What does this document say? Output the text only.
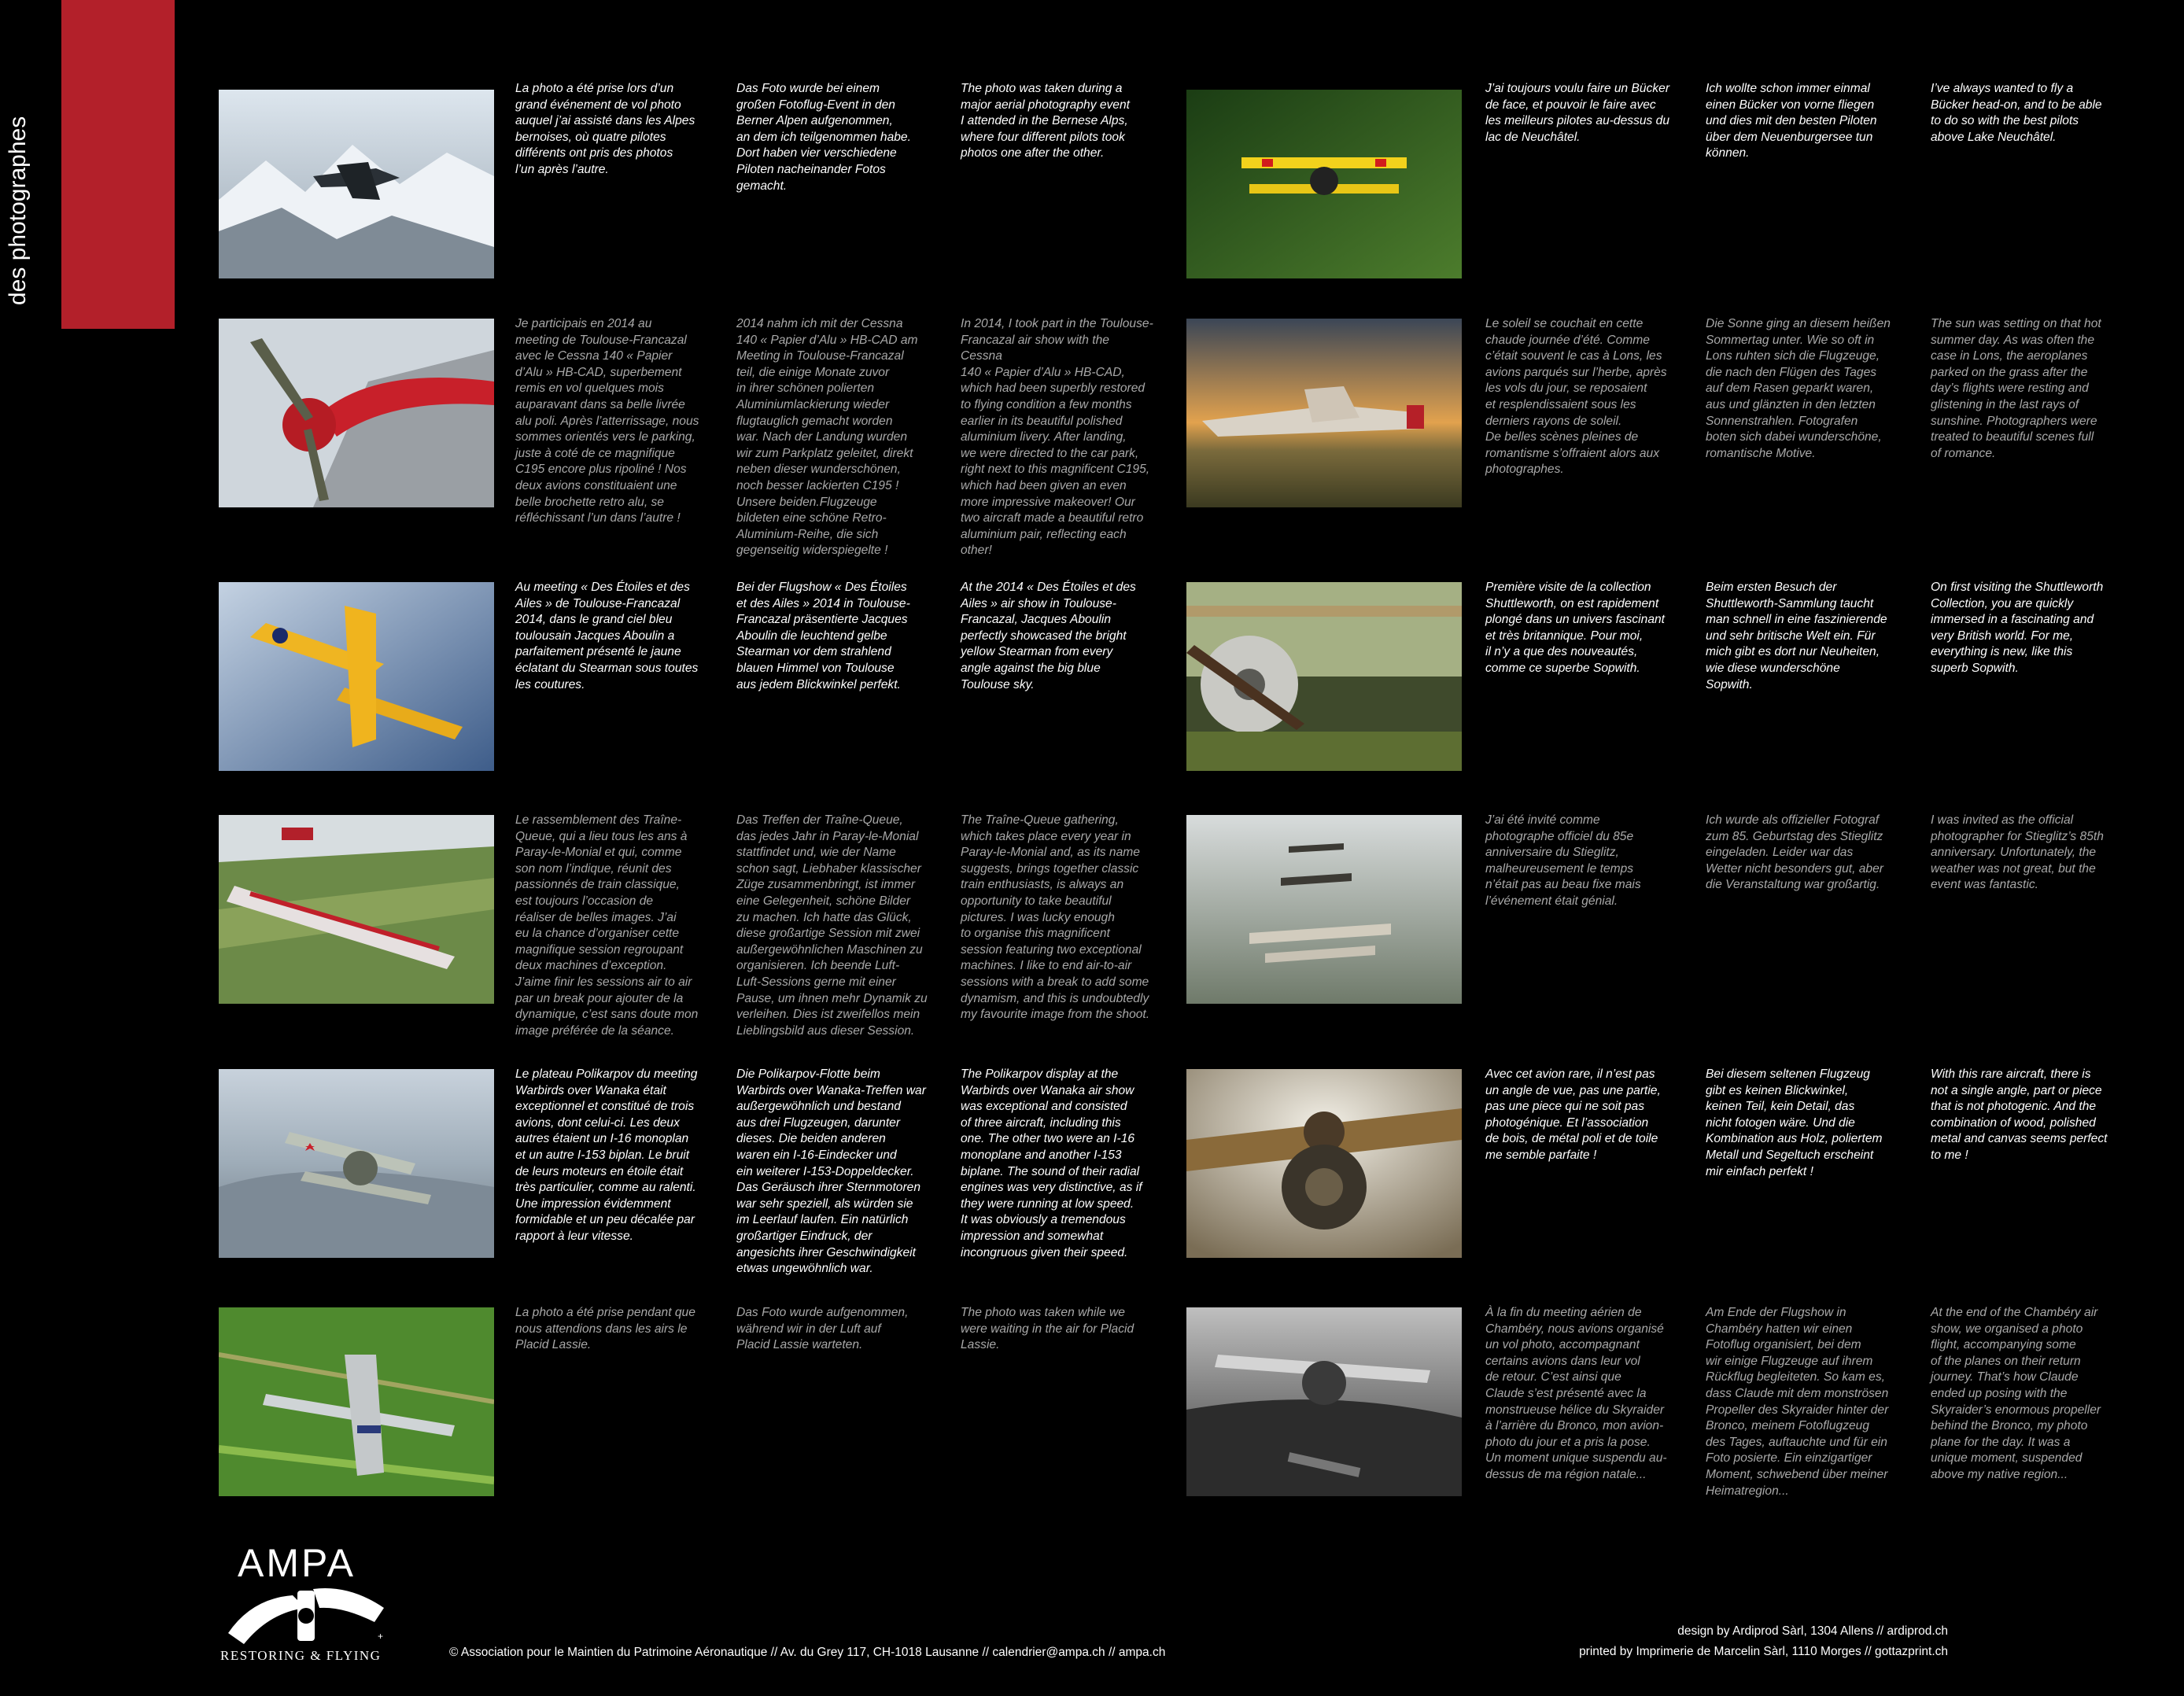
des photographes
La photo a été prise lors d’un
grand événement de vol photo
auquel j’ai assisté dans les Alpes
bernoises, où quatre pilotes
différents ont pris des photos
l’un après l’autre.
Das Foto wurde bei einem
großen Fotoflug-Event in den
Berner Alpen aufgenommen,
an dem ich teilgenommen habe.
Dort haben vier verschiedene
Piloten nacheinander Fotos
gemacht.
The photo was taken during a
major aerial photography event
I attended in the Bernese Alps,
where four different pilots took
photos one after the other.
J’ai toujours voulu faire un Bücker
de face, et pouvoir le faire avec
les meilleurs pilotes au-dessus du
lac de Neuchâtel.
Ich wollte schon immer einmal
einen Bücker von vorne fliegen
und dies mit den besten Piloten
über dem Neuenburgersee tun
können.
I’ve always wanted to fly a
Bücker head-on, and to be able
to do so with the best pilots
above Lake Neuchâtel.
Je participais en 2014 au
meeting de Toulouse-Francazal
avec le Cessna 140 « Papier
d’Alu » HB-CAD, superbement
remis en vol quelques mois
auparavant dans sa belle livrée
alu poli. Après l’atterrissage, nous
sommes orientés vers le parking,
juste à coté de ce magnifique
C195 encore plus ripoliné ! Nos
deux avions constituaient une
belle brochette retro alu, se
réfléchissant l’un dans l’autre !
2014 nahm ich mit der Cessna
140 « Papier d’Alu » HB-CAD am
Meeting in Toulouse-Francazal
teil, die einige Monate zuvor
in ihrer schönen polierten
Aluminiumlackierung wieder
flugtauglich gemacht worden
war. Nach der Landung wurden
wir zum Parkplatz geleitet, direkt
neben dieser wunderschönen,
noch besser lackierten C195 !
Unsere beiden.Flugzeuge
bildeten eine schöne Retro-
Aluminium-Reihe, die sich
gegenseitig widerspiegelte !
In 2014, I took part in the Toulouse-
Francazal air show with the Cessna
140 « Papier d’Alu » HB-CAD,
which had been superbly restored
to flying condition a few months
earlier in its beautiful polished
aluminium livery. After landing,
we were directed to the car park,
right next to this magnificent C195,
which had been given an even
more impressive makeover! Our
two aircraft made a beautiful retro
aluminium pair, reflecting each
other!
Le soleil se couchait en cette
chaude journée d’été. Comme
c’était souvent le cas à Lons, les
avions parqués sur l’herbe, après
les vols du jour, se reposaient
et resplendissaient sous les
derniers rayons de soleil.
De belles scènes pleines de
romantisme s’offraient alors aux
photographes.
Die Sonne ging an diesem heißen
Sommertag unter. Wie so oft in
Lons ruhten sich die Flugzeuge,
die nach den Flügen des Tages
auf dem Rasen geparkt waren,
aus und glänzten in den letzten
Sonnenstrahlen. Fotografen
boten sich dabei wunderschöne,
romantische Motive.
The sun was setting on that hot
summer day. As was often the
case in Lons, the aeroplanes
parked on the grass after the
day’s flights were resting and
glistening in the last rays of
sunshine. Photographers were
treated to beautiful scenes full
of romance.
Au meeting « Des Étoiles et des
Ailes » de Toulouse-Francazal
2014, dans le grand ciel bleu
toulousain Jacques Aboulin a
parfaitement présenté le jaune
éclatant du Stearman sous toutes
les coutures.
Bei der Flugshow « Des Étoiles
et des Ailes » 2014 in Toulouse-
Francazal präsentierte Jacques
Aboulin die leuchtend gelbe
Stearman vor dem strahlend
blauen Himmel von Toulouse
aus jedem Blickwinkel perfekt.
At the 2014 « Des Étoiles et des
Ailes » air show in Toulouse-
Francazal, Jacques Aboulin
perfectly showcased the bright
yellow Stearman from every
angle against the big blue
Toulouse sky.
Première visite de la collection
Shuttleworth, on est rapidement
plongé dans un univers fascinant
et très britannique. Pour moi,
il n’y a que des nouveautés,
comme ce superbe Sopwith.
Beim ersten Besuch der
Shuttleworth-Sammlung taucht
man schnell in eine faszinierende
und sehr britische Welt ein. Für
mich gibt es dort nur Neuheiten,
wie diese wunderschöne
Sopwith.
On first visiting the Shuttleworth
Collection, you are quickly
immersed in a fascinating and
very British world. For me,
everything is new, like this
superb Sopwith.
Le rassemblement des Traîne-
Queue, qui a lieu tous les ans à
Paray-le-Monial et qui, comme
son nom l’indique, réunit des
passionnés de train classique,
est toujours l’occasion de
réaliser de belles images. J’ai
eu la chance d’organiser cette
magnifique session regroupant
deux machines d’exception.
J’aime finir les sessions air to air
par un break pour ajouter de la
dynamique, c’est sans doute mon
image préférée de la séance.
Das Treffen der Traîne-Queue,
das jedes Jahr in Paray-le-Monial
stattfindet und, wie der Name
schon sagt, Liebhaber klassischer
Züge zusammenbringt, ist immer
eine Gelegenheit, schöne Bilder
zu machen. Ich hatte das Glück,
diese großartige Session mit zwei
außergewöhnlichen Maschinen zu
organisieren. Ich beende Luft-
Luft-Sessions gerne mit einer
Pause, um ihnen mehr Dynamik zu
verleihen. Dies ist zweifellos mein
Lieblingsbild aus dieser Session.
The Traîne-Queue gathering,
which takes place every year in
Paray-le-Monial and, as its name
suggests, brings together classic
train enthusiasts, is always an
opportunity to take beautiful
pictures. I was lucky enough
to organise this magnificent
session featuring two exceptional
machines. I like to end air-to-air
sessions with a break to add some
dynamism, and this is undoubtedly
my favourite image from the shoot.
J’ai été invité comme
photographe officiel du 85e
anniversaire du Stieglitz,
malheureusement le temps
n’était pas au beau fixe mais
l’événement était génial.
Ich wurde als offizieller Fotograf
zum 85. Geburtstag des Stieglitz
eingeladen. Leider war das
Wetter nicht besonders gut, aber
die Veranstaltung war großartig.
I was invited as the official
photographer for Stieglitz’s 85th
anniversary. Unfortunately, the
weather was not great, but the
event was fantastic.
Le plateau Polikarpov du meeting
Warbirds over Wanaka était
exceptionnel et constitué de trois
avions, dont celui-ci. Les deux
autres étaient un I-16 monoplan
et un autre I-153 biplan. Le bruit
de leurs moteurs en étoile était
très particulier, comme au ralenti.
Une impression évidemment
formidable et un peu décalée par
rapport à leur vitesse.
Die Polikarpov-Flotte beim
Warbirds over Wanaka-Treffen war
außergewöhnlich und bestand
aus drei Flugzeugen, darunter
dieses. Die beiden anderen
waren ein I-16-Eindecker und
ein weiterer I-153-Doppeldecker.
Das Geräusch ihrer Sternmotoren
war sehr speziell, als würden sie
im Leerlauf laufen. Ein natürlich
großartiger Eindruck, der
angesichts ihrer Geschwindigkeit
etwas ungewöhnlich war.
The Polikarpov display at the
Warbirds over Wanaka air show
was exceptional and consisted
of three aircraft, including this
one. The other two were an I-16
monoplane and another I-153
biplane. The sound of their radial
engines was very distinctive, as if
they were running at low speed.
It was obviously a tremendous
impression and somewhat
incongruous given their speed.
Avec cet avion rare, il n’est pas
un angle de vue, pas une partie,
pas une piece qui ne soit pas
photogénique. Et l’association
de bois, de métal poli et de toile
me semble parfaite !
Bei diesem seltenen Flugzeug
gibt es keinen Blickwinkel,
keinen Teil, kein Detail, das
nicht fotogen wäre. Und die
Kombination aus Holz, poliertem
Metall und Segeltuch erscheint
mir einfach perfekt !
With this rare aircraft, there is
not a single angle, part or piece
that is not photogenic. And the
combination of wood, polished
metal and canvas seems perfect
to me !
La photo a été prise pendant que
nous attendions dans les airs le
Placid Lassie.
Das Foto wurde aufgenommen,
während wir in der Luft auf
Placid Lassie warteten.
The photo was taken while we
were waiting in the air for Placid
Lassie.
À la fin du meeting aérien de
Chambéry, nous avions organisé
un vol photo, accompagnant
certains avions dans leur vol
de retour. C’est ainsi que
Claude s’est présenté avec la
monstrueuse hélice du Skyraider
à l’arrière du Bronco, mon avion-
photo du jour et a pris la pose.
Un moment unique suspendu au-
dessus de ma région natale...
Am Ende der Flugshow in
Chambéry hatten wir einen
Fotoflug organisiert, bei dem
wir einige Flugzeuge auf ihrem
Rückflug begleiteten. So kam es,
dass Claude mit dem monströsen
Propeller des Skyraider hinter der
Bronco, meinem Fotoflugzeug
des Tages, auftauchte und für ein
Foto posierte. Ein einzigartiger
Moment, schwebend über meiner
Heimatregion...
At the end of the Chambéry air
show, we organised a photo
flight, accompanying some
of the planes on their return
journey. That’s how Claude
ended up posing with the
Skyraider’s enormous propeller
behind the Bronco, my photo
plane for the day. It was a
unique moment, suspended
above my native region...
AMPA
+
RESTORING & FLYING	© Association pour le Maintien du Patrimoine Aéronautique // Av. du Grey 117, CH-1018 Lausanne // calendrier@ampa.ch // ampa.ch
design by Ardiprod Sàrl, 1304 Allens // ardiprod.ch
printed by Imprimerie de Marcelin Sàrl, 1110 Morges // gottazprint.ch
